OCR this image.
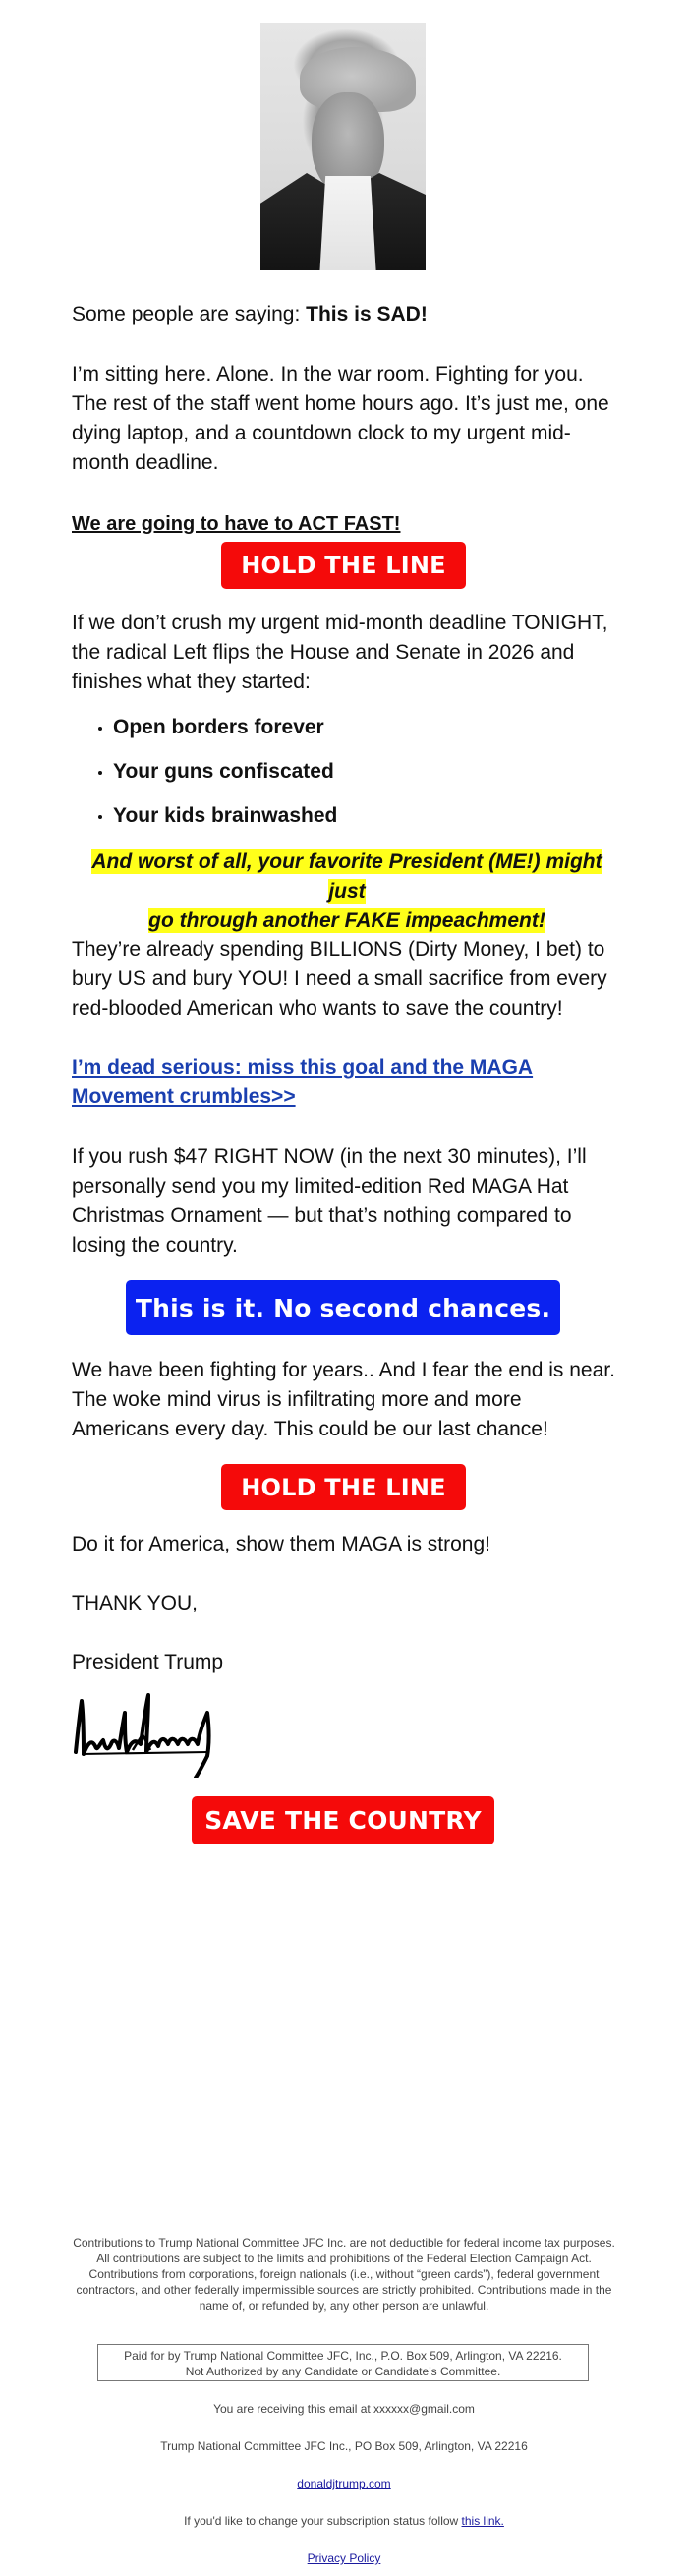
Some people are saying: This is SAD!

I’m sitting here. Alone. In the war room. Fighting for you. The rest of the staff went home hours ago. It’s just me, one dying laptop, and a countdown clock to my urgent mid-month deadline.

We are going to have to ACT FAST!

HOLD THE LINE

If we don’t crush my urgent mid-month deadline TONIGHT, the radical Left flips the House and Senate in 2026 and finishes what they started:

Open borders forever
Your guns confiscated
Your kids brainwashed
And worst of all, your favorite President (ME!) might just
go through another FAKE impeachment!

They’re already spending BILLIONS (Dirty Money, I bet) to bury US and bury YOU! I need a small sacrifice from every red-blooded American who wants to save the country!

I’m dead serious: miss this goal and the MAGA Movement crumbles>>

If you rush $47 RIGHT NOW (in the next 30 minutes), I’ll personally send you my limited-edition Red MAGA Hat Christmas Ornament — but that’s nothing compared to losing the country.

This is it. No second chances.

We have been fighting for years.. And I fear the end is near. The woke mind virus is infiltrating more and more Americans every day. This could be our last chance!

HOLD THE LINE

Do it for America, show them MAGA is strong!

THANK YOU,

President Trump

SAVE THE COUNTRY
Contributions to Trump National Committee JFC Inc. are not deductible for federal income tax purposes.
All contributions are subject to the limits and prohibitions of the Federal Election Campaign Act.
Contributions from corporations, foreign nationals (i.e., without “green cards”), federal government
contractors, and other federally impermissible sources are strictly prohibited. Contributions made in the
name of, or refunded by, any other person are unlawful.
Paid for by Trump National Committee JFC, Inc., P.O. Box 509, Arlington, VA 22216.
Not Authorized by any Candidate or Candidate’s Committee.
You are receiving this email at xxxxxx@gmail.com
Trump National Committee JFC Inc., PO Box 509, Arlington, VA 22216
donaldjtrump.com
If you'd like to change your subscription status follow this link.
Privacy Policy
